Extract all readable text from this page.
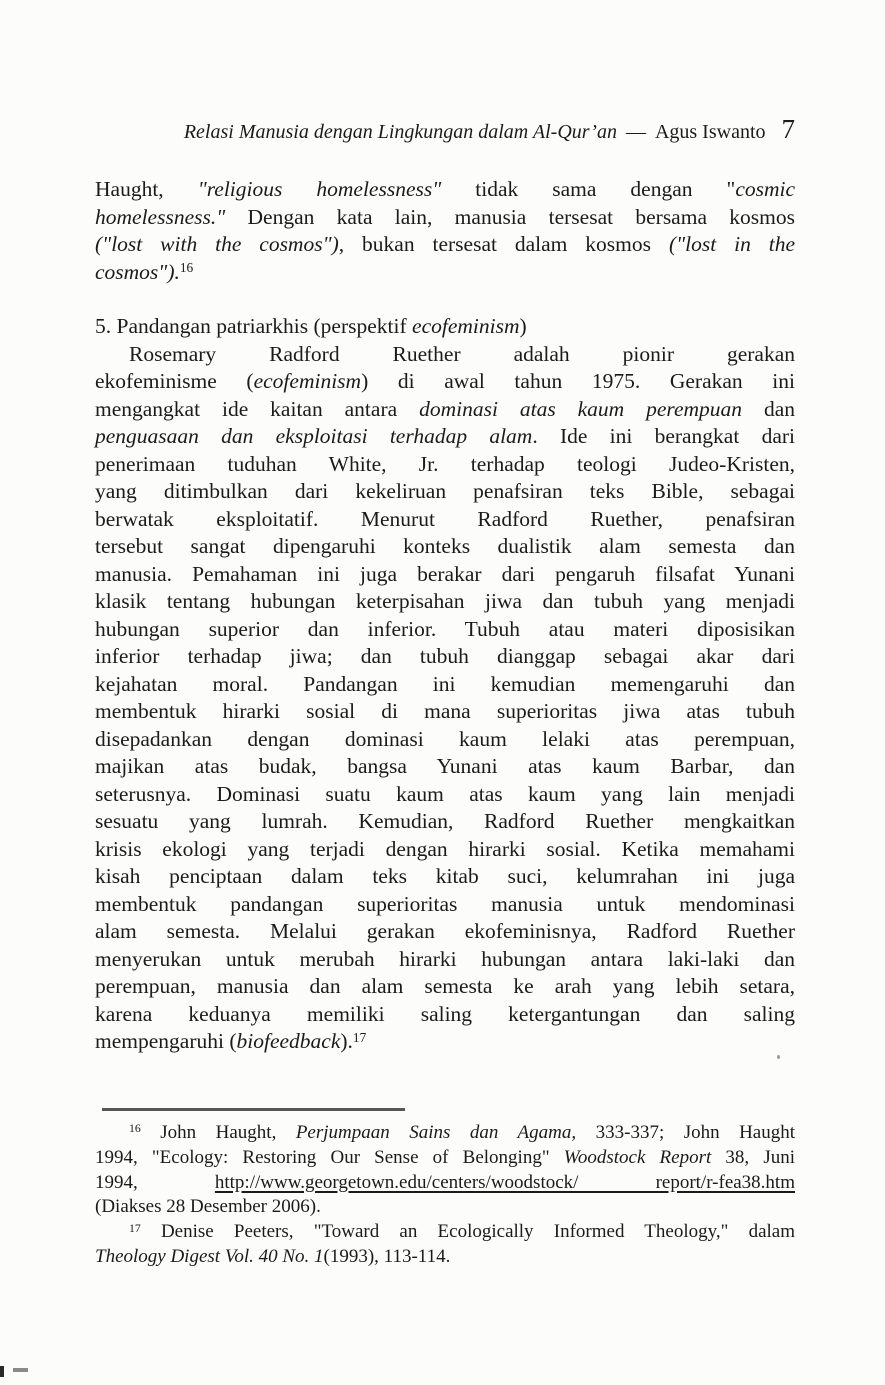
Relasi Manusia dengan Lingkungan dalam Al-Qur’an — Agus Iswanto 7
Haught, "religious homelessness" tidak sama dengan "cosmic
homelessness." Dengan kata lain, manusia tersesat bersama kosmos
("lost with the cosmos"), bukan tersesat dalam kosmos ("lost in the
cosmos").$^{16}$
5. Pandangan patriarkhis (perspektif ecofeminism)
Rosemary Radford Ruether adalah pionir gerakan
ekofeminisme (ecofeminism) di awal tahun 1975. Gerakan ini
mengangkat ide kaitan antara dominasi atas kaum perempuan dan
penguasaan dan eksploitasi terhadap alam. Ide ini berangkat dari
penerimaan tuduhan White, Jr. terhadap teologi Judeo-Kristen,
yang ditimbulkan dari kekeliruan penafsiran teks Bible, sebagai
berwatak eksploitatif. Menurut Radford Ruether, penafsiran
tersebut sangat dipengaruhi konteks dualistik alam semesta dan
manusia. Pemahaman ini juga berakar dari pengaruh filsafat Yunani
klasik tentang hubungan keterpisahan jiwa dan tubuh yang menjadi
hubungan superior dan inferior. Tubuh atau materi diposisikan
inferior terhadap jiwa; dan tubuh dianggap sebagai akar dari
kejahatan moral. Pandangan ini kemudian memengaruhi dan
membentuk hirarki sosial di mana superioritas jiwa atas tubuh
disepadankan dengan dominasi kaum lelaki atas perempuan,
majikan atas budak, bangsa Yunani atas kaum Barbar, dan
seterusnya. Dominasi suatu kaum atas kaum yang lain menjadi
sesuatu yang lumrah. Kemudian, Radford Ruether mengkaitkan
krisis ekologi yang terjadi dengan hirarki sosial. Ketika memahami
kisah penciptaan dalam teks kitab suci, kelumrahan ini juga
membentuk pandangan superioritas manusia untuk mendominasi
alam semesta. Melalui gerakan ekofeminisnya, Radford Ruether
menyerukan untuk merubah hirarki hubungan antara laki-laki dan
perempuan, manusia dan alam semesta ke arah yang lebih setara,
karena keduanya memiliki saling ketergantungan dan saling
mempengaruhi (biofeedback).$^{17}$
$^{16}$ John Haught, Perjumpaan Sains dan Agama, 333-337; John Haught
1994, "Ecology: Restoring Our Sense of Belonging" Woodstock Report 38, Juni
1994, http://www.georgetown.edu/centers/woodstock/ report/r-fea38.htm
(Diakses 28 Desember 2006).
$^{17}$ Denise Peeters, "Toward an Ecologically Informed Theology," dalam
Theology Digest Vol. 40 No. 1(1993), 113-114.
